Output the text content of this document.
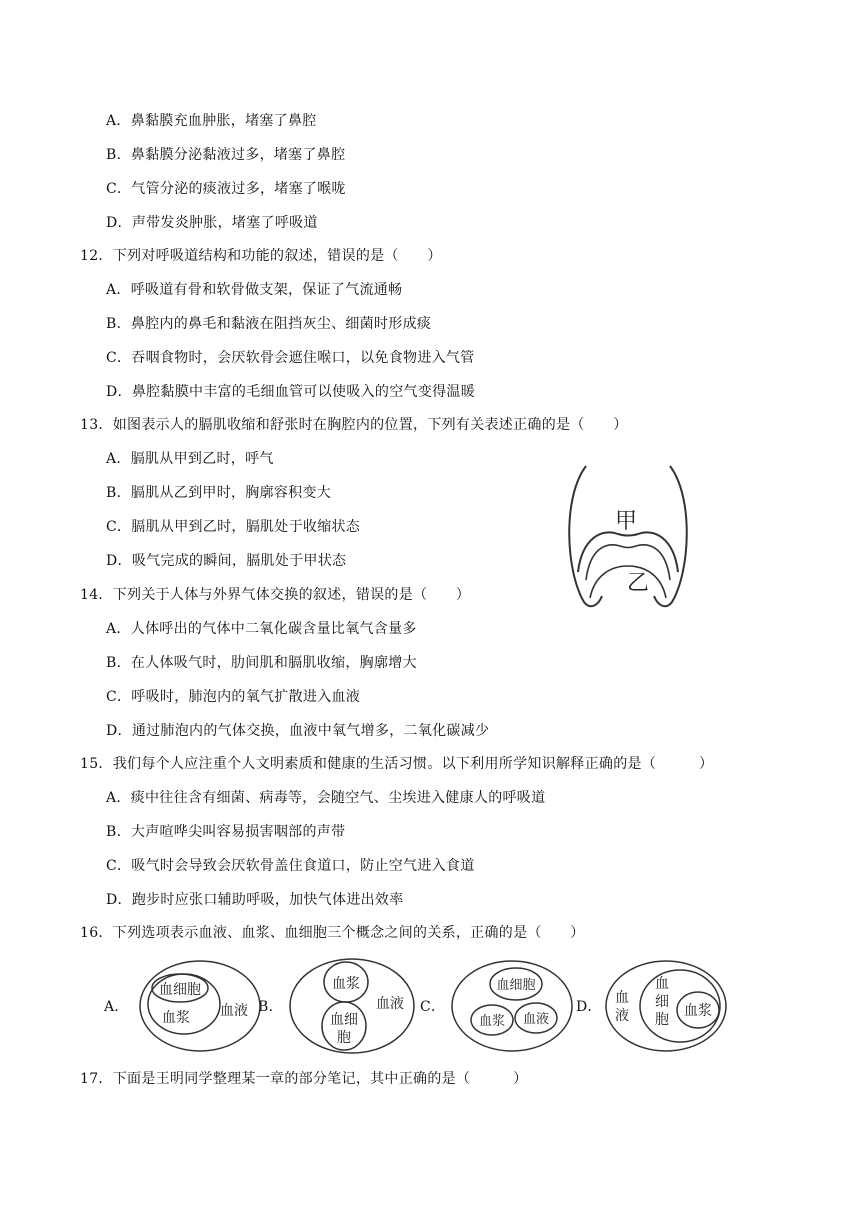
A．鼻黏膜充血肿胀，堵塞了鼻腔
B．鼻黏膜分泌黏液过多，堵塞了鼻腔
C．气管分泌的痰液过多，堵塞了喉咙
D．声带发炎肿胀，堵塞了呼吸道
12．下列对呼吸道结构和功能的叙述，错误的是（　　）
A．呼吸道有骨和软骨做支架，保证了气流通畅
B．鼻腔内的鼻毛和黏液在阻挡灰尘、细菌时形成痰
C．吞咽食物时，会厌软骨会遮住喉口，以免食物进入气管
D．鼻腔黏膜中丰富的毛细血管可以使吸入的空气变得温暖
13．如图表示人的膈肌收缩和舒张时在胸腔内的位置，下列有关表述正确的是（　　）
A．膈肌从甲到乙时，呼气
B．膈肌从乙到甲时，胸廓容积变大
C．膈肌从甲到乙时，膈肌处于收缩状态
D．吸气完成的瞬间，膈肌处于甲状态
甲
乙
14．下列关于人体与外界气体交换的叙述，错误的是（　　）
A．人体呼出的气体中二氧化碳含量比氧气含量多
B．在人体吸气时，肋间肌和膈肌收缩，胸廓增大
C．呼吸时，肺泡内的氧气扩散进入血液
D．通过肺泡内的气体交换，血液中氧气增多，二氧化碳减少
15．我们每个人应注重个人文明素质和健康的生活习惯。以下利用所学知识解释正确的是（　　　）
A．痰中往往含有细菌、病毒等，会随空气、尘埃进入健康人的呼吸道
B．大声喧哗尖叫容易损害咽部的声带
C．吸气时会导致会厌软骨盖住食道口，防止空气进入食道
D．跑步时应张口辅助呼吸，加快气体进出效率
16．下列选项表示血液、血浆、血细胞三个概念之间的关系，正确的是（　　）
A．	B．	C．	D．
血细胞
血浆 血液
血浆
血细
胞
血液
血细胞
血浆 血液
血
液
血
细
胞
血浆
17．下面是王明同学整理某一章的部分笔记，其中正确的是（　　　）
